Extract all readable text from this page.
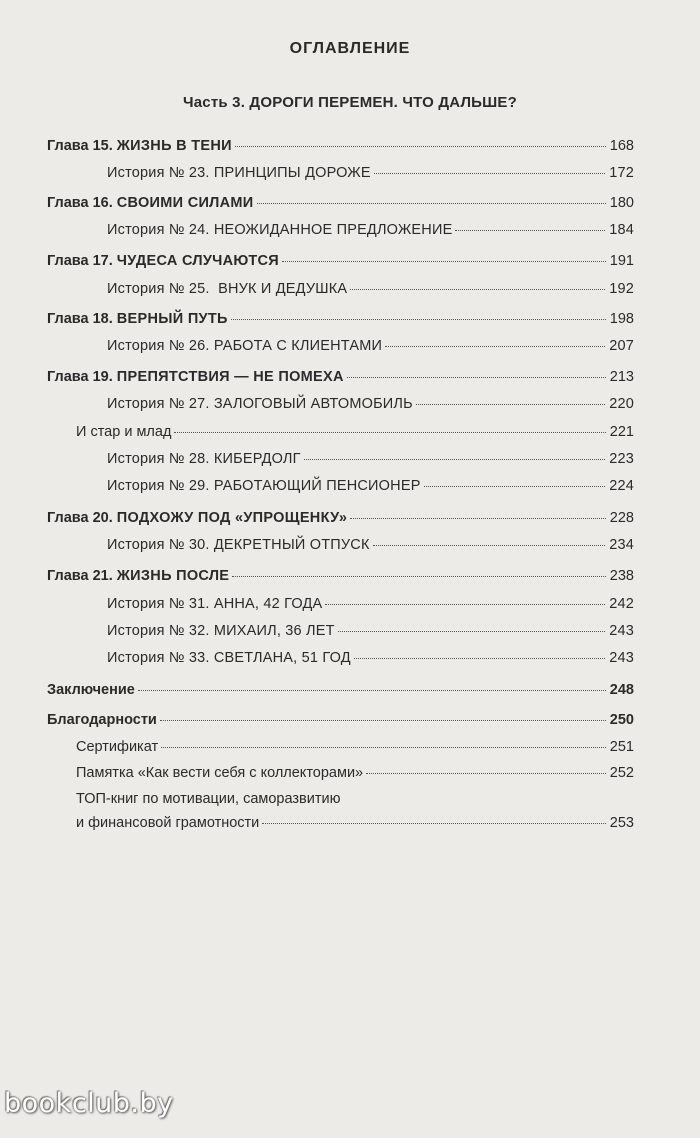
ОГЛАВЛЕНИЕ
Часть 3. ДОРОГИ ПЕРЕМЕН. ЧТО ДАЛЬШЕ?
Глава 15. ЖИЗНЬ В ТЕНИ	168
История № 23. ПРИНЦИПЫ ДОРОЖЕ	172
Глава 16. СВОИМИ СИЛАМИ	180
История № 24. НЕОЖИДАННОЕ ПРЕДЛОЖЕНИЕ	184
Глава 17. ЧУДЕСА СЛУЧАЮТСЯ	191
История № 25. ВНУК И ДЕДУШКА	192
Глава 18. ВЕРНЫЙ ПУТЬ	198
История № 26. РАБОТА С КЛИЕНТАМИ	207
Глава 19. ПРЕПЯТСТВИЯ — НЕ ПОМЕХА	213
История № 27. ЗАЛОГОВЫЙ АВТОМОБИЛЬ	220
И стар и млад	221
История № 28. КИБЕРДОЛГ	223
История № 29. РАБОТАЮЩИЙ ПЕНСИОНЕР	224
Глава 20. ПОДХОЖУ ПОД «УПРОЩЕНКУ»	228
История № 30. ДЕКРЕТНЫЙ ОТПУСК	234
Глава 21. ЖИЗНЬ ПОСЛЕ	238
История № 31. АННА, 42 ГОДА	242
История № 32. МИХАИЛ, 36 ЛЕТ	243
История № 33. СВЕТЛАНА, 51 ГОД	243
Заключение	248
Благодарности	250
Сертификат	251
Памятка «Как вести себя с коллекторами»	252
ТОП-книг по мотивации, саморазвитию
и финансовой грамотности	253
bookclub.by
